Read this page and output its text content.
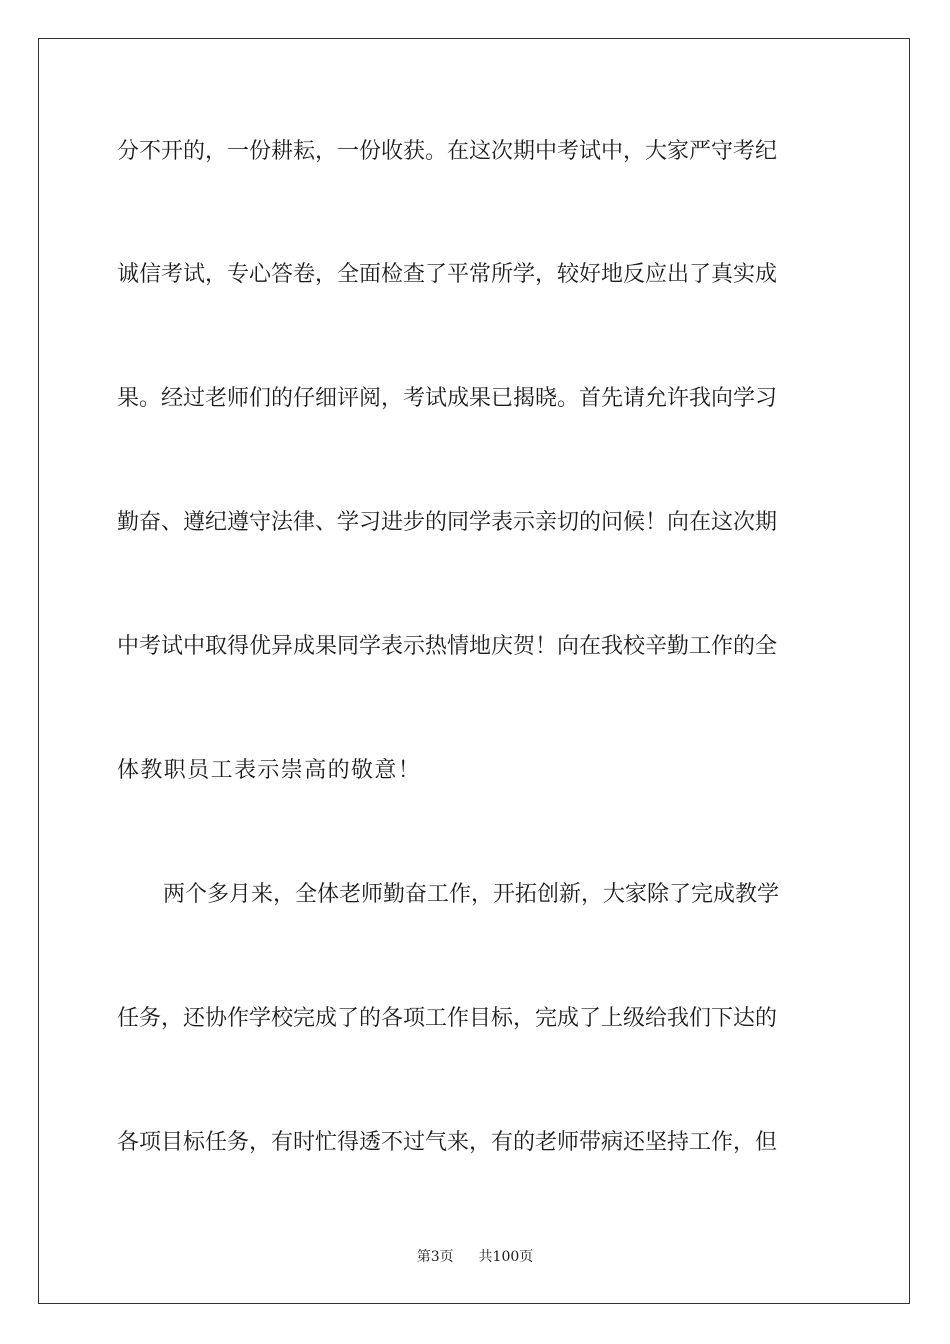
分不开的，一份耕耘，一份收获。在这次期中考试中，大家严守考纪
诚信考试，专心答卷，全面检查了平常所学，较好地反应出了真实成
果。经过老师们的仔细评阅，考试成果已揭晓。首先请允许我向学习
勤奋、遵纪遵守法律、学习进步的同学表示亲切的问候！向在这次期
中考试中取得优异成果同学表示热情地庆贺！向在我校辛勤工作的全
体教职员工表示崇高的敬意！
两个多月来，全体老师勤奋工作，开拓创新，大家除了完成教学
任务，还协作学校完成了的各项工作目标，完成了上级给我们下达的
各项目标任务，有时忙得透不过气来，有的老师带病还坚持工作，但
第3页 共100页
